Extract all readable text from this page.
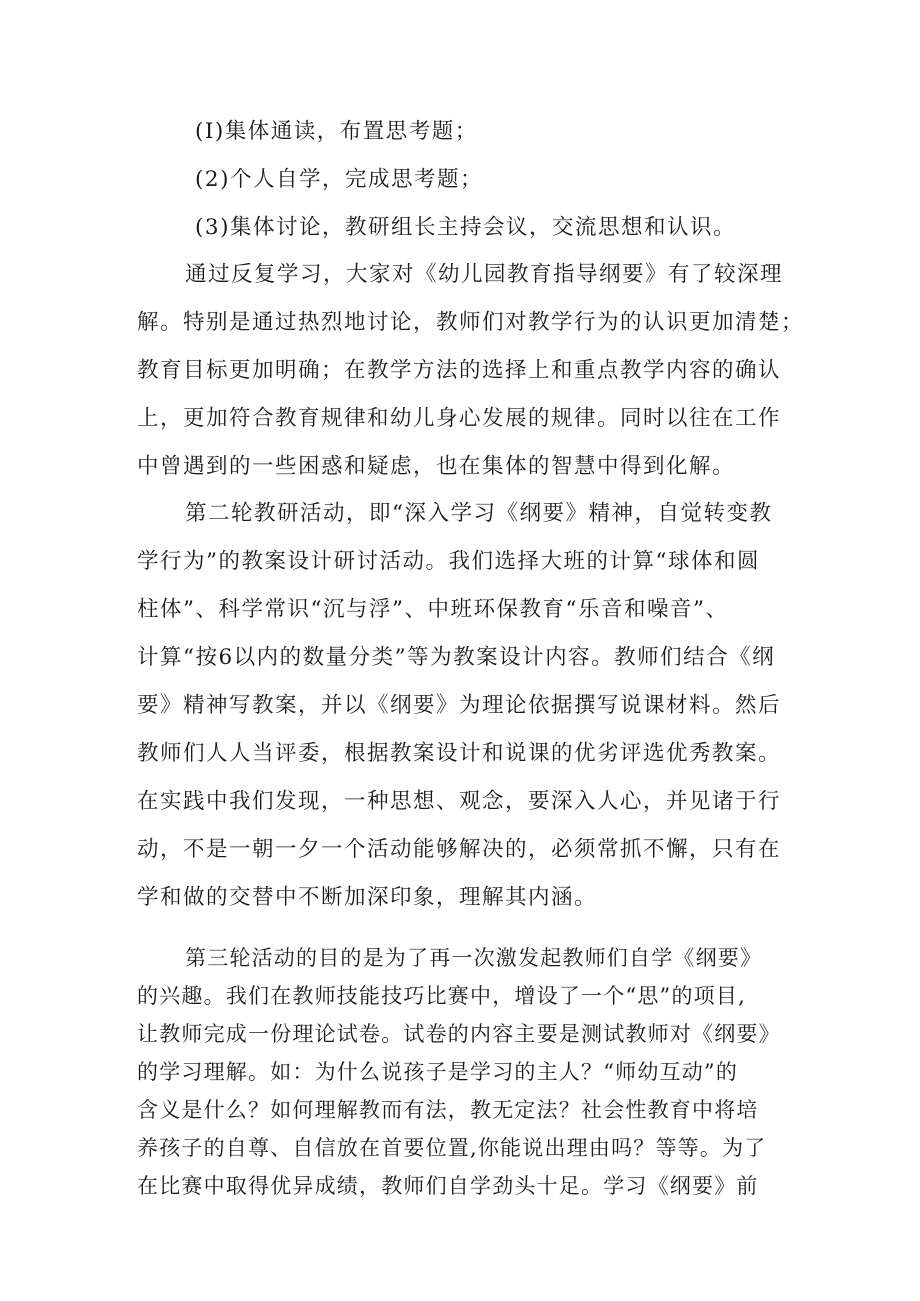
(I)集体通读，布置思考题；
(2)个人自学，完成思考题；
(3)集体讨论，教研组长主持会议，交流思想和认识。
通过反复学习，大家对《幼儿园教育指导纲要》有了较深理
解。特别是通过热烈地讨论，教师们对教学行为的认识更加清楚；
教育目标更加明确；在教学方法的选择上和重点教学内容的确认
上，更加符合教育规律和幼儿身心发展的规律。同时以往在工作
中曾遇到的一些困惑和疑虑，也在集体的智慧中得到化解。
第二轮教研活动，即“深入学习《纲要》精神，自觉转变教
学行为”的教案设计研讨活动。我们选择大班的计算“球体和圆
柱体”、科学常识“沉与浮”、中班环保教育“乐音和噪音”、
计算“按6以内的数量分类”等为教案设计内容。教师们结合《纲
要》精神写教案，并以《纲要》为理论依据撰写说课材料。然后
教师们人人当评委，根据教案设计和说课的优劣评选优秀教案。
在实践中我们发现，一种思想、观念，要深入人心，并见诸于行
动，不是一朝一夕一个活动能够解决的，必须常抓不懈，只有在
学和做的交替中不断加深印象，理解其内涵。
第三轮活动的目的是为了再一次激发起教师们自学《纲要》
的兴趣。我们在教师技能技巧比赛中，增设了一个“思”的项目,
让教师完成一份理论试卷。试卷的内容主要是测试教师对《纲要》
的学习理解。如：为什么说孩子是学习的主人？“师幼互动”的
含义是什么？如何理解教而有法，教无定法？社会性教育中将培
养孩子的自尊、自信放在首要位置,你能说出理由吗？等等。为了
在比赛中取得优异成绩，教师们自学劲头十足。学习《纲要》前
